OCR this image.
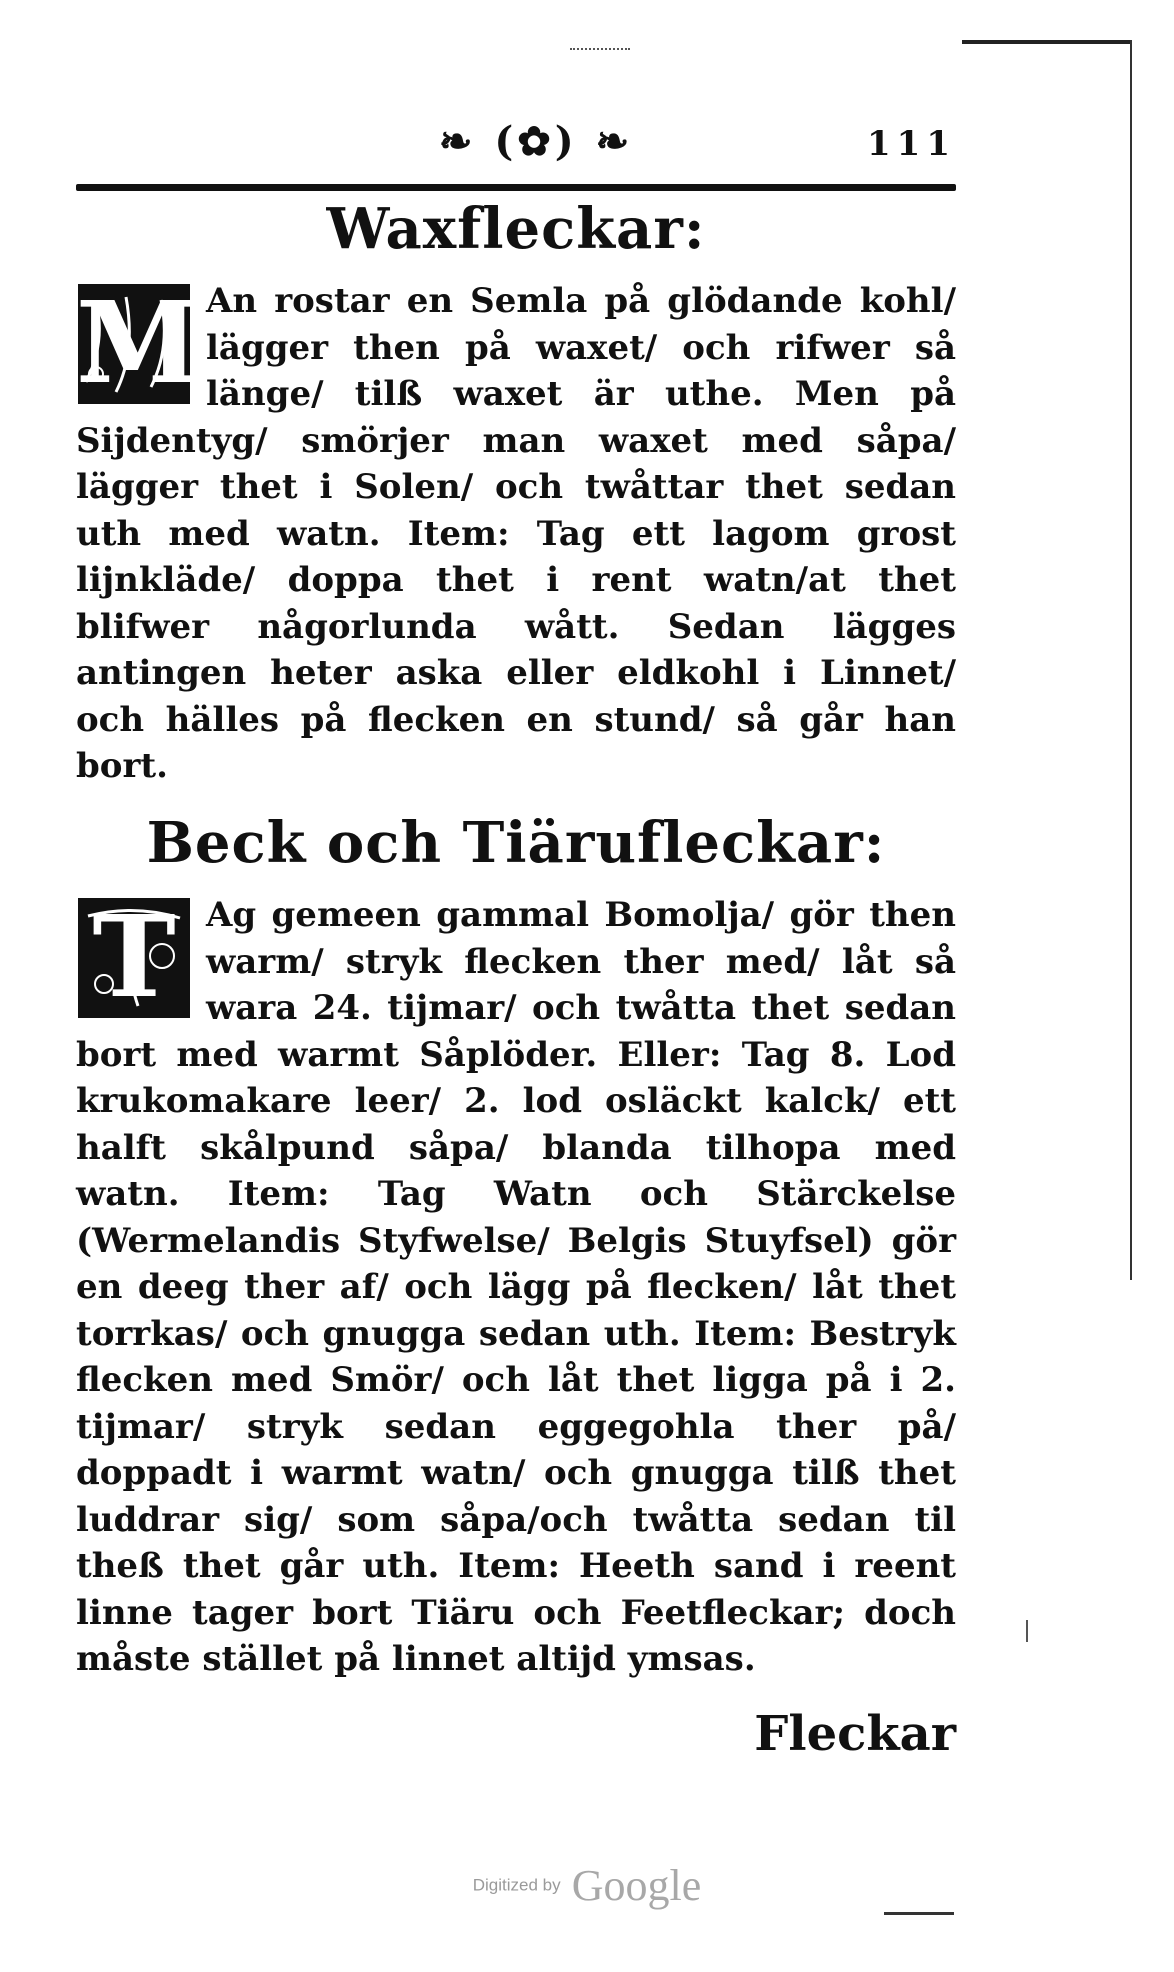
❧ (✿) ❧	111
Waxfleckar:
M An rostar en Semla på glödande kohl/ lägger then på waxet/ och rifwer så länge/ tilß waxet är uthe. Men på Sijdentyg/ smörjer man waxet med såpa/ lägger thet i Solen/ och twåttar thet sedan uth med watn. Item: Tag ett lagom grost lijnkläde/ doppa thet i rent watn/at thet blifwer någorlunda wått. Sedan lägges antingen heter aska eller eldkohl i Linnet/ och hälles på flecken en stund/ så går han bort.

Beck och Tiärufleckar:
T Ag gemeen gammal Bomolja/ gör then warm/ stryk flecken ther med/ låt så wara 24. tijmar/ och twåtta thet sedan bort med warmt Såplöder. Eller: Tag 8. Lod krukomakare leer/ 2. lod osläckt kalck/ ett halft skålpund såpa/ blanda tilhopa med watn. Item: Tag Watn och Stärckelse (Wermelandis Styfwelse/ Belgis Stuyfsel) gör en deeg ther af/ och lägg på flecken/ låt thet torrkas/ och gnugga sedan uth. Item: Bestryk flecken med Smör/ och låt thet ligga på i 2. tijmar/ stryk sedan eggegohla ther på/ doppadt i warmt watn/ och gnugga tilß thet luddrar sig/ som såpa/och twåtta sedan til theß thet går uth. Item: Heeth sand i reent linne tager bort Tiäru och Feetfleckar; doch måste stället på linnet altijd ymsas.

Fleckar
Digitized by Google
